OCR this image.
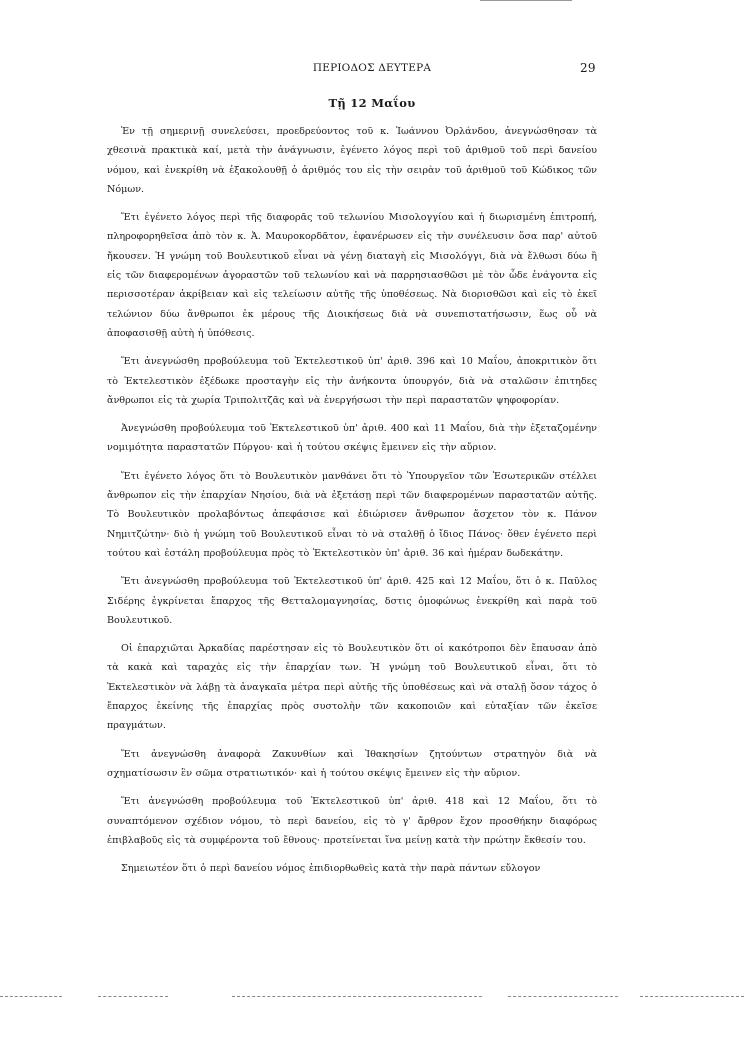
ΠΕΡΙΟΔΟΣ ΔΕΥΤΕΡΑ	29
Τῇ 12 Μαΐου

Ἐν τῇ σημερινῇ συνελεύσει, προεδρεύοντος τοῦ κ. Ἰωάννου Ὀρλάνδου, ἀνεγνώσθησαν τὰ χθεσινὰ πρακτικὰ καί, μετὰ τὴν ἀνάγνωσιν, ἐγένετο λόγος περὶ τοῦ ἀριθμοῦ τοῦ περὶ δανείου νόμου, καὶ ἐνεκρίθη νὰ ἐξακολουθῇ ὁ ἀριθμός του εἰς τὴν σειρὰν τοῦ ἀριθμοῦ τοῦ Κώδικος τῶν Νόμων.

Ἔτι ἐγένετο λόγος περὶ τῆς διαφορᾶς τοῦ τελωνίου Μισολογγίου καὶ ἡ διωρισμένη ἐπιτροπή, πληροφορηθεῖσα ἀπὸ τὸν κ. Ἀ. Μαυροκορδᾶτον, ἐφανέρωσεν εἰς τὴν συνέλευσιν ὅσα παρ' αὐτοῦ ἤκουσεν. Ἡ γνώμη τοῦ Βουλευτικοῦ εἶναι νὰ γένῃ διαταγὴ εἰς Μισολόγγι, διὰ νὰ ἔλθωσι δύω ἢ εἰς τῶν διαφερομένων ἀγοραστῶν τοῦ τελωνίου καὶ νὰ παρρησιασθῶσι μὲ τὸν ὧδε ἐνάγοντα εἰς περισσοτέραν ἀκρίβειαν καὶ εἰς τελείωσιν αὐτῆς τῆς ὑποθέσεως. Νὰ διορισθῶσι καὶ εἰς τὸ ἐκεῖ τελώνιον δύω ἄνθρωποι ἐκ μέρους τῆς Διοικήσεως διὰ νὰ συνεπιστατήσωσιν, ἕως οὗ νὰ ἀποφασισθῇ αὐτὴ ἡ ὑπόθεσις.

Ἔτι ἀνεγνώσθη προβούλευμα τοῦ Ἐκτελεστικοῦ ὑπ' ἀριθ. 396 καὶ 10 Μαΐου, ἀποκριτικὸν ὅτι τὸ Ἐκτελεστικὸν ἐξέδωκε προσταγὴν εἰς τὴν ἀνήκοντα ὑπουργόν, διὰ νὰ σταλῶσιν ἐπιτηδες ἄνθρωποι εἰς τὰ χωρία Τριπολιτζᾶς καὶ νὰ ἐνεργήσωσι τὴν περὶ παραστατῶν ψηφοφορίαν.

Ἀνεγνώσθη προβούλευμα τοῦ Ἐκτελεστικοῦ ὑπ' ἀριθ. 400 καὶ 11 Μαΐου, διὰ τὴν ἐξεταζομένην νομιμότητα παραστατῶν Πύργου· καὶ ἡ τούτου σκέψις ἔμεινεν εἰς τὴν αὔριον.

Ἔτι ἐγένετο λόγος ὅτι τὸ Βουλευτικὸν μανθάνει ὅτι τὸ Ὑπουργεῖον τῶν Ἐσωτερικῶν στέλλει ἄνθρωπον εἰς τὴν ἐπαρχίαν Νησίου, διὰ νὰ ἐξετάσῃ περὶ τῶν διαφερομένων παραστατῶν αὐτῆς. Τὸ Βουλευτικὸν προλαβόντως ἀπεφάσισε καὶ ἐδιώρισεν ἄνθρωπον ἄσχετον τὸν κ. Πάνον Νημιτζώτην· διὸ ἡ γνώμη τοῦ Βουλευτικοῦ εἶναι τὸ νὰ σταλθῇ ὁ ἴδιος Πάνος· ὅθεν ἐγένετο περὶ τούτου καὶ ἐστάλη προβούλευμα πρὸς τὸ Ἐκτελεστικὸν ὑπ' ἀριθ. 36 καὶ ἡμέραν δωδεκάτην.

Ἔτι ἀνεγνώσθη προβούλευμα τοῦ Ἐκτελεστικοῦ ὑπ' ἀριθ. 425 καὶ 12 Μαΐου, ὅτι ὁ κ. Παῦλος Σιδέρης ἐγκρίνεται ἔπαρχος τῆς Θετταλομαγνησίας, δστις ὁμοφώνως ἐνεκρίθη καὶ παρὰ τοῦ Βουλευτικοῦ.

Οἱ ἐπαρχιῶται Ἀρκαδίας παρέστησαν εἰς τὸ Βουλευτικὸν ὅτι οἱ κακότροποι δὲν ἔπαυσαν ἀπὸ τὰ κακὰ καὶ ταραχὰς εἰς τὴν ἐπαρχίαν των. Ἡ γνώμη τοῦ Βουλευτικοῦ εἶναι, ὅτι τὸ Ἐκτελεστικὸν νὰ λάβῃ τὰ ἀναγκαῖα μέτρα περὶ αὐτῆς τῆς ὑποθέσεως καὶ νὰ σταλῇ ὅσον τάχος ὁ ἔπαρχος ἐκείνης τῆς ἐπαρχίας πρὸς συστολὴν τῶν κακοποιῶν καὶ εὐταξίαν τῶν ἐκεῖσε πραγμάτων.

Ἔτι ἀνεγνώσθη ἀναφορὰ Ζακυνθίων καὶ Ἰθακησίων ζητούντων στρατηγὸν διὰ νὰ σχηματίσωσιν ἓν σῶμα στρατιωτικόν· καὶ ἡ τούτου σκέψις ἔμεινεν εἰς τὴν αὔριον.

Ἔτι ἀνεγνώσθη προβούλευμα τοῦ Ἐκτελεστικοῦ ὑπ' ἀριθ. 418 καὶ 12 Μαΐου, ὅτι τὸ συναπτόμενον σχέδιον νόμου, τὸ περὶ δανείου, εἰς τὸ γ' ἄρθρον ἔχον προσθήκην διαφόρως ἐπιβλαβοῦς εἰς τὰ συμφέροντα τοῦ ἔθνους· προτείνεται ἵνα μείνῃ κατὰ τὴν πρώτην ἔκθεσίν του.

Σημειωτέον ὅτι ὁ περὶ δανείου νόμος ἐπιδιορθωθεὶς κατὰ τὴν παρὰ πάντων εὔλογον
